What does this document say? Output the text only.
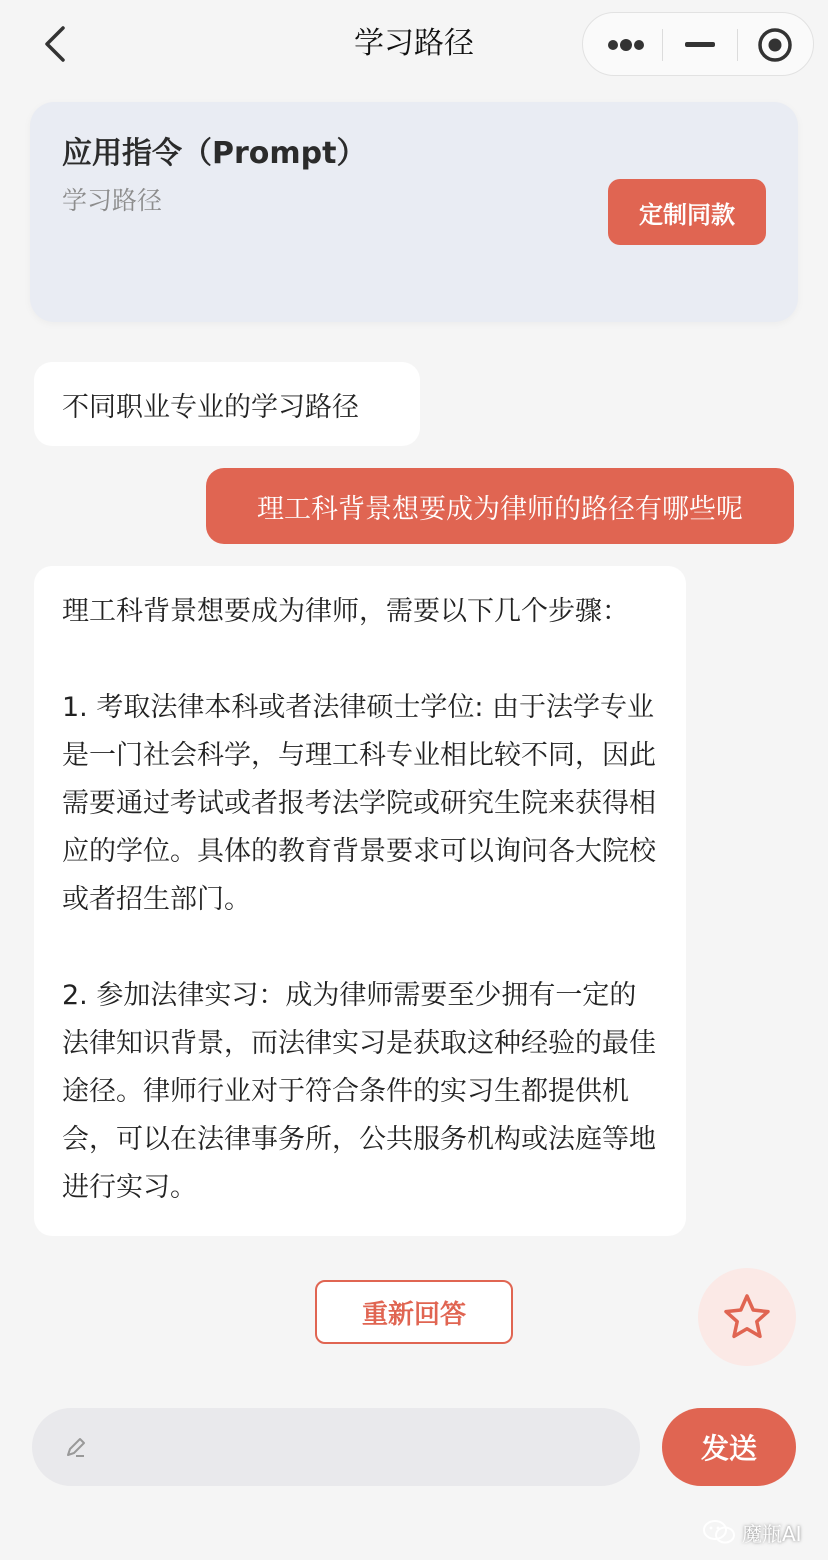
学习路径
应用指令（Prompt）
学习路径	定制同款
不同职业专业的学习路径
理工科背景想要成为律师的路径有哪些呢

理工科背景想要成为律师，需要以下几个步骤：

1. 考取法律本科或者法律硕士学位: 由于法学专业是一门社会科学，与理工科专业相比较不同，因此需要通过考试或者报考法学院或研究生院来获得相应的学位。具体的教育背景要求可以询问各大院校或者招生部门。

2. 参加法律实习：成为律师需要至少拥有一定的法律知识背景，而法律实习是获取这种经验的最佳途径。律师行业对于符合条件的实习生都提供机会，可以在法律事务所，公共服务机构或法庭等地进行实习。

重新回答
发送
魔瓶AI
